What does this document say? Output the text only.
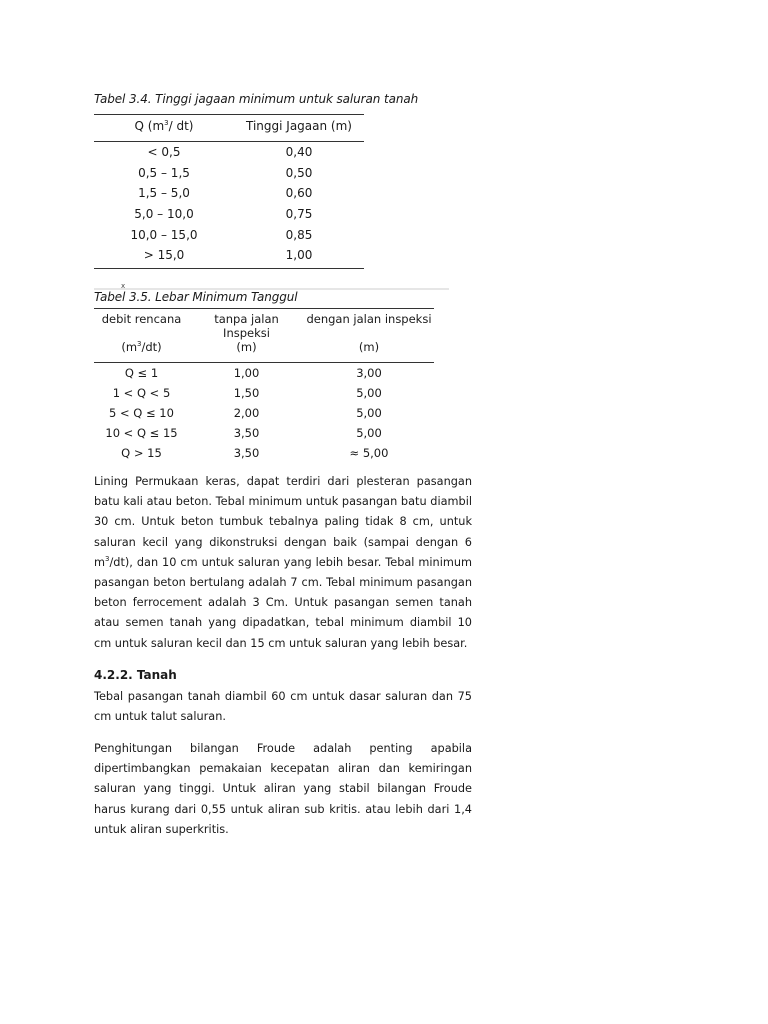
Tabel 3.4. Tinggi jagaan minimum untuk saluran tanah
Q ($m^3/$ dt)	Tinggi Jagaan (m)
< 0,5	0,40
0,5 – 1,5	0,50
1,5 – 5,0	0,60
5,0 – 10,0	0,75
10,0 – 15,0	0,85
> 15,0	1,00
x
Tabel 3.5. Lebar Minimum Tanggul
debit rencana	tanpa jalan Inspeksi	dengan jalan inspeksi
$(m^3/dt)$	(m)	(m)
Q ≤ 1	1,00	3,00
1 < Q < 5	1,50	5,00
5 < Q ≤ 10	2,00	5,00
10 < Q ≤ 15	3,50	5,00
Q > 15	3,50	≈ 5,00
Lining Permukaan keras, dapat terdiri dari plesteran pasangan batu kali atau beton. Tebal minimum untuk pasangan batu diambil 30 cm. Untuk beton tumbuk tebalnya paling tidak 8 cm, untuk saluran kecil yang dikonstruksi dengan baik (sampai dengan 6 $m^3/dt$), dan 10 cm untuk saluran yang lebih besar. Tebal minimum pasangan beton bertulang adalah 7 cm. Tebal minimum pasangan beton ferrocement adalah 3 Cm. Untuk pasangan semen tanah atau semen tanah yang dipadatkan, tebal minimum diambil 10 cm untuk saluran kecil dan 15 cm untuk saluran yang lebih besar.
4.2.2. Tanah
Tebal pasangan tanah diambil 60 cm untuk dasar saluran dan 75 cm untuk talut saluran.
Penghitungan bilangan Froude adalah penting apabila dipertimbangkan pemakaian kecepatan aliran dan kemiringan saluran yang tinggi. Untuk aliran yang stabil bilangan Froude harus kurang dari 0,55 untuk aliran sub kritis. atau lebih dari 1,4 untuk aliran superkritis.
